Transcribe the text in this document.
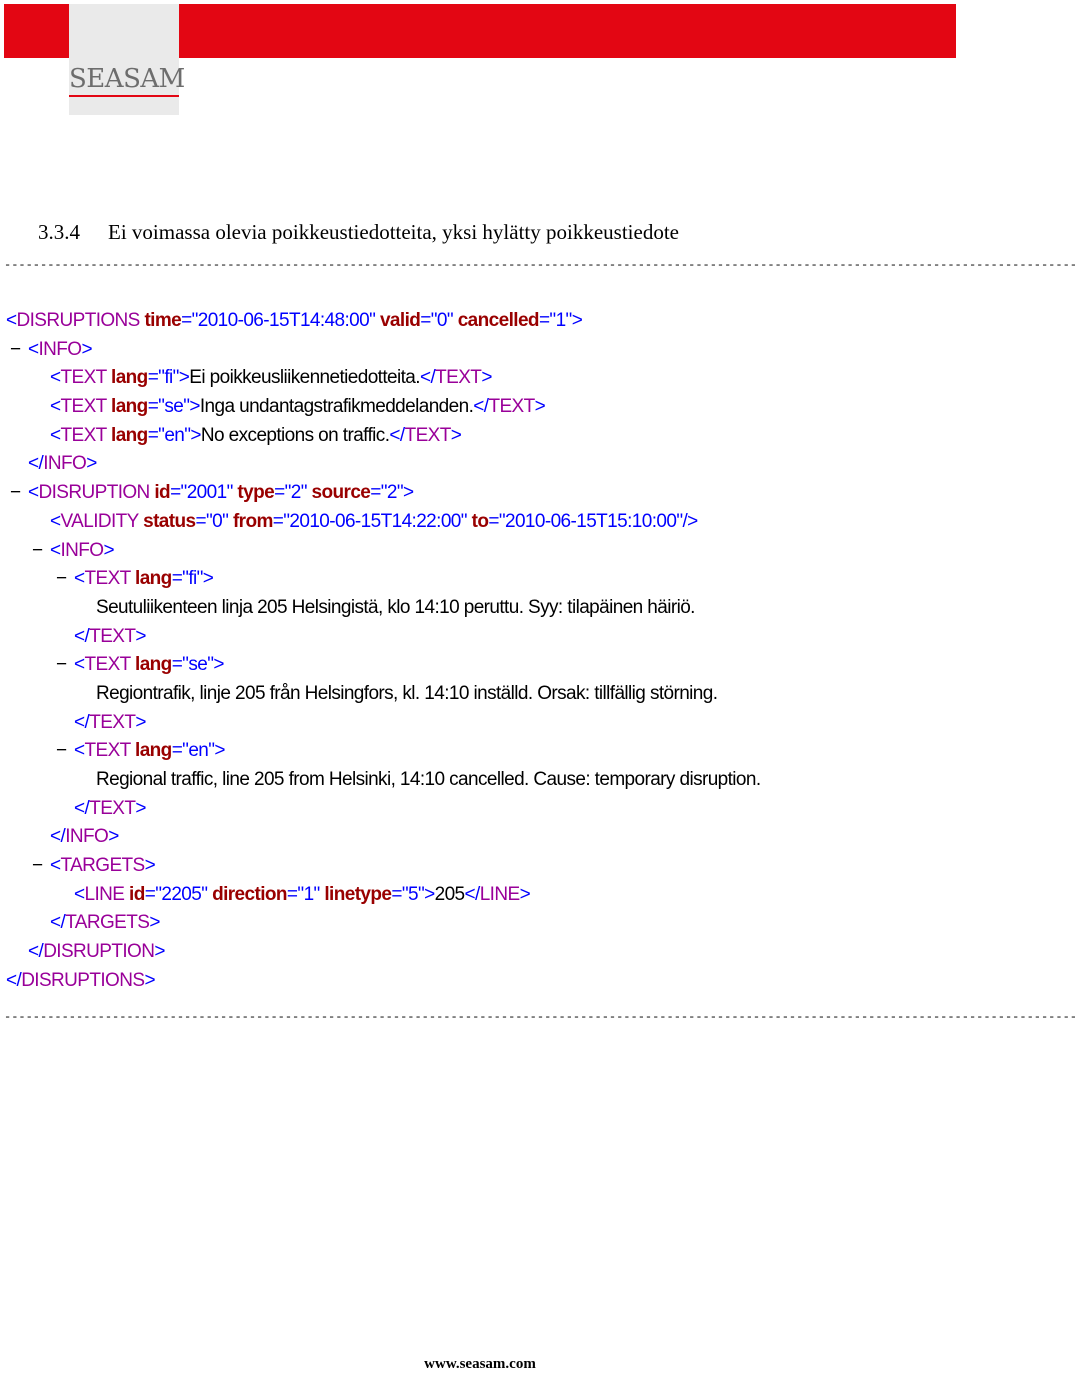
SEASAM
3.3.4 Ei voimassa olevia poikkeustiedotteita, yksi hylätty poikkeustiedote
-----------------------------------------------------------------------------------------------------------------------------------------------------
<DISRUPTIONS time="2010-06-15T14:48:00" valid="0" cancelled="1">
− <INFO>
<TEXT lang="fi">Ei poikkeusliikennetiedotteita.</TEXT>
<TEXT lang="se">Inga undantagstrafikmeddelanden.</TEXT>
<TEXT lang="en">No exceptions on traffic.</TEXT>
</INFO>
− <DISRUPTION id="2001" type="2" source="2">
<VALIDITY status="0" from="2010-06-15T14:22:00" to="2010-06-15T15:10:00"/>
− <INFO>
− <TEXT lang="fi">
Seutuliikenteen linja 205 Helsingistä, klo 14:10 peruttu. Syy: tilapäinen häiriö.
</TEXT>
− <TEXT lang="se">
Regiontrafik, linje 205 från Helsingfors, kl. 14:10 inställd. Orsak: tillfällig störning.
</TEXT>
− <TEXT lang="en">
Regional traffic, line 205 from Helsinki, 14:10 cancelled. Cause: temporary disruption.
</TEXT>
</INFO>
− <TARGETS>
<LINE id="2205" direction="1" linetype="5">205</LINE>
</TARGETS>
</DISRUPTION>
</DISRUPTIONS>
-----------------------------------------------------------------------------------------------------------------------------------------------------
www.seasam.com
